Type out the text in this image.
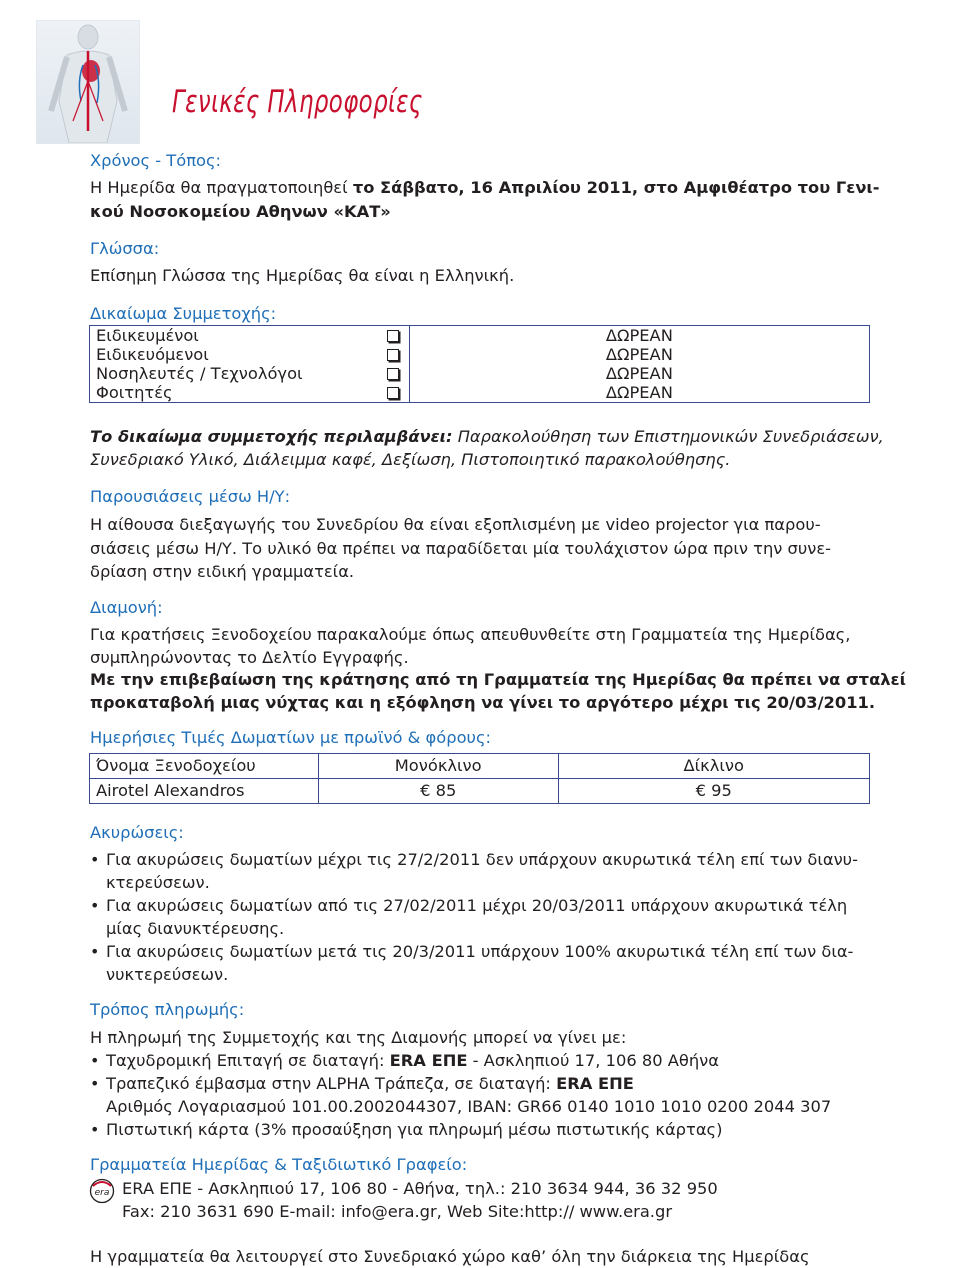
Γενικές Πληροφορίες
Χρόνος - Τόπος:
Η Ημερίδα θα πραγματοποιηθεί το Σάββατο, 16 Απριλίου 2011, στο Αμφιθέατρο του Γενι-
κού Νοσοκομείου Αθηνων «ΚΑΤ»
Γλώσσα:
Επίσημη Γλώσσα της Ημερίδας θα είναι η Ελληνική.
Δικαίωμα Συμμετοχής:
Ειδικευμένοι	ΔΩΡΕΑΝ
Ειδικευόμενοι	ΔΩΡΕΑΝ
Νοσηλευτές / Τεχνολόγοι	ΔΩΡΕΑΝ
Φοιτητές	ΔΩΡΕΑΝ
Το δικαίωμα συμμετοχής περιλαμβάνει: Παρακολούθηση των Επιστημονικών Συνεδριάσεων,
Συνεδριακό Υλικό, Διάλειμμα καφέ, Δεξίωση, Πιστοποιητικό παρακολούθησης.
Παρουσιάσεις μέσω Η/Υ:
Η αίθουσα διεξαγωγής του Συνεδρίου θα είναι εξοπλισμένη με video projector για παρου-
σιάσεις μέσω Η/Υ. Το υλικό θα πρέπει να παραδίδεται μία τουλάχιστον ώρα πριν την συνε-
δρίαση στην ειδική γραμματεία.
Διαμονή:
Για κρατήσεις Ξενοδοχείου παρακαλούμε όπως απευθυνθείτε στη Γραμματεία της Ημερίδας,
συμπληρώνοντας το Δελτίο Εγγραφής.
Με την επιβεβαίωση της κράτησης από τη Γραμματεία της Ημερίδας θα πρέπει να σταλεί
προκαταβολή μιας νύχτας και η εξόφληση να γίνει το αργότερο μέχρι τις 20/03/2011.
Ημερήσιες Τιμές Δωματίων με πρωϊνό & φόρους:
Όνομα Ξενοδοχείου	Μονόκλινο	Δίκλινο
Airotel Alexandros	€ 85	€ 95
Ακυρώσεις:
• Για ακυρώσεις δωματίων μέχρι τις 27/2/2011 δεν υπάρχουν ακυρωτικά τέλη επί των διανυ-
κτερεύσεων.
• Για ακυρώσεις δωματίων από τις 27/02/2011 μέχρι 20/03/2011 υπάρχουν ακυρωτικά τέλη
μίας διανυκτέρευσης.
• Για ακυρώσεις δωματίων μετά τις 20/3/2011 υπάρχουν 100% ακυρωτικά τέλη επί των δια-
νυκτερεύσεων.
Τρόπος πληρωμής:
Η πληρωμή της Συμμετοχής και της Διαμονής μπορεί να γίνει με:
• Ταχυδρομική Επιταγή σε διαταγή: ERA ΕΠΕ - Ασκληπιού 17, 106 80 Αθήνα
• Τραπεζικό έμβασμα στην ALPHA Τράπεζα, σε διαταγή: ERA ΕΠΕ
Αριθμός Λογαριασμού 101.00.2002044307, IBAN: GR66 0140 1010 1010 0200 2044 307
• Πιστωτική κάρτα (3% προσαύξηση για πληρωμή μέσω πιστωτικής κάρτας)
Γραμματεία Ημερίδας & Ταξιδιωτικό Γραφείο:
era ERA ΕΠΕ - Ασκληπιού 17, 106 80 - Αθήνα, τηλ.: 210 3634 944, 36 32 950
Fax: 210 3631 690 E-mail: info@era.gr, Web Site:http:// www.era.gr
Η γραμματεία θα λειτουργεί στο Συνεδριακό χώρο καθ’ όλη την διάρκεια της Ημερίδας
